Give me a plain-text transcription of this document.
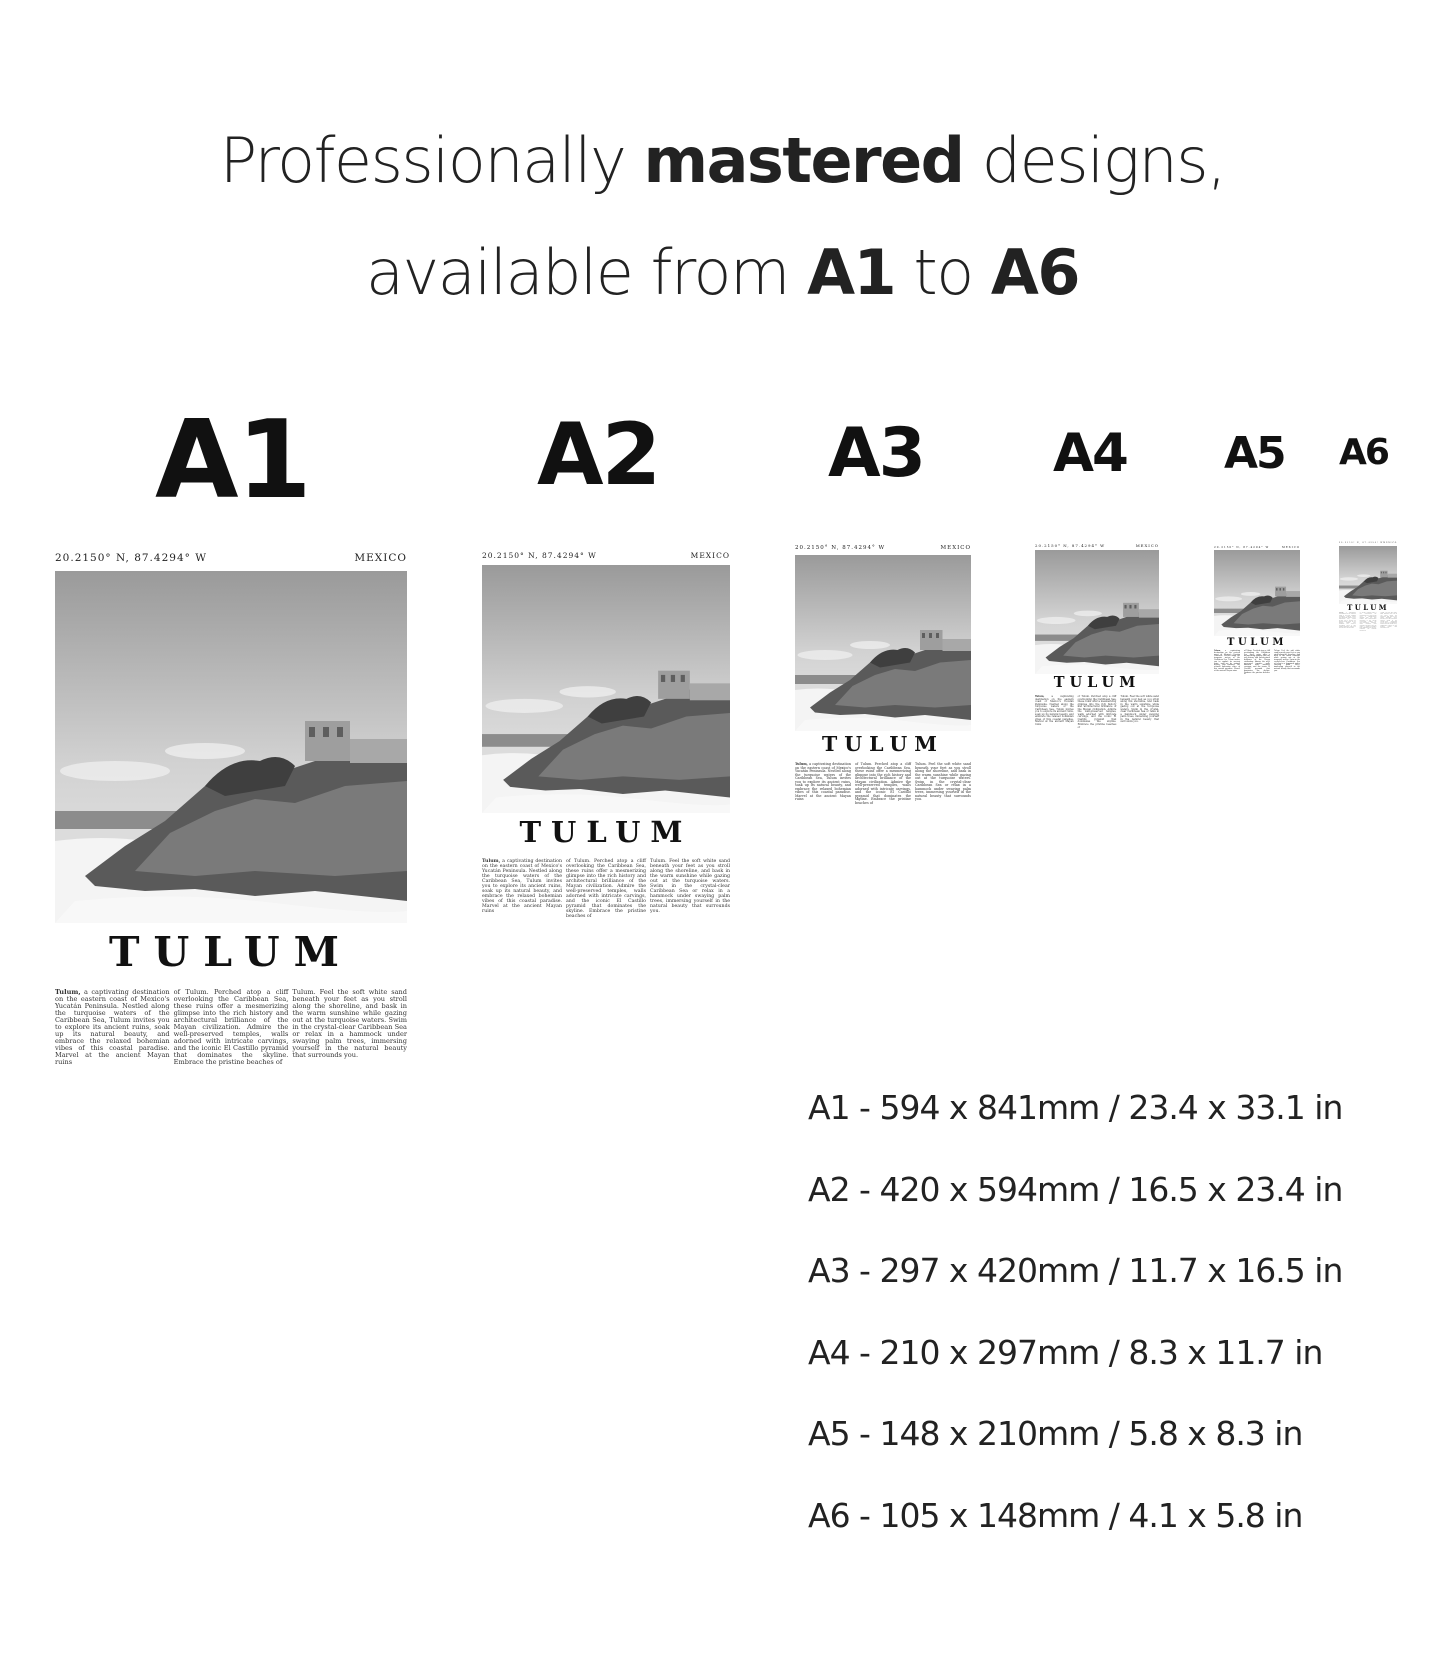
Professionally mastered designs,
available from A1 to A6
A1	A2 A3 A4 A5 A6
20.2150° N, 87.4294° W	MEXICO
TULUM

Tulum, a captivating destination on the eastern coast of Mexico's Yucatán Peninsula. Nestled along the turquoise waters of the Caribbean Sea, Tulum invites you to explore its ancient ruins, soak up its natural beauty, and embrace the relaxed bohemian vibes of this coastal paradise. Marvel at the ancient Mayan ruins

of Tulum. Perched atop a cliff overlooking the Caribbean Sea, these ruins offer a mesmerizing glimpse into the rich history and architectural brilliance of the Mayan civilization. Admire the well-preserved temples, walls adorned with intricate carvings, and the iconic El Castillo pyramid that dominates the skyline. Embrace the pristine beaches of

Tulum. Feel the soft white sand beneath your feet as you stroll along the shoreline, and bask in the warm sunshine while gazing out at the turquoise waters. Swim in the crystal-clear Caribbean Sea or relax in a hammock under swaying palm trees, immersing yourself in the natural beauty that surrounds you.

20.2150° N, 87.4294° W	MEXICO
TULUM

Tulum, a captivating destination on the eastern coast of Mexico's Yucatán Peninsula. Nestled along the turquoise waters of the Caribbean Sea, Tulum invites you to explore its ancient ruins, soak up its natural beauty, and embrace the relaxed bohemian vibes of this coastal paradise. Marvel at the ancient Mayan ruins

of Tulum. Perched atop a cliff overlooking the Caribbean Sea, these ruins offer a mesmerizing glimpse into the rich history and architectural brilliance of the Mayan civilization. Admire the well-preserved temples, walls adorned with intricate carvings, and the iconic El Castillo pyramid that dominates the skyline. Embrace the pristine beaches of

Tulum. Feel the soft white sand beneath your feet as you stroll along the shoreline, and bask in the warm sunshine while gazing out at the turquoise waters. Swim in the crystal-clear Caribbean Sea or relax in a hammock under swaying palm trees, immersing yourself in the natural beauty that surrounds you.

20.2150° N, 87.4294° W	MEXICO
TULUM

Tulum, a captivating destination on the eastern coast of Mexico's Yucatán Peninsula. Nestled along the turquoise waters of the Caribbean Sea, Tulum invites you to explore its ancient ruins, soak up its natural beauty, and embrace the relaxed bohemian vibes of this coastal paradise. Marvel at the ancient Mayan ruins

of Tulum. Perched atop a cliff overlooking the Caribbean Sea, these ruins offer a mesmerizing glimpse into the rich history and architectural brilliance of the Mayan civilization. Admire the well-preserved temples, walls adorned with intricate carvings, and the iconic El Castillo pyramid that dominates the skyline. Embrace the pristine beaches of

Tulum. Feel the soft white sand beneath your feet as you stroll along the shoreline, and bask in the warm sunshine while gazing out at the turquoise waters. Swim in the crystal-clear Caribbean Sea or relax in a hammock under swaying palm trees, immersing yourself in the natural beauty that surrounds you.

20.2150° N, 87.4294° W	MEXICO
TULUM

Tulum, a captivating destination on the eastern coast of Mexico's Yucatán Peninsula. Nestled along the turquoise waters of the Caribbean Sea, Tulum invites you to explore its ancient ruins, soak up its natural beauty, and embrace the relaxed bohemian vibes of this coastal paradise. Marvel at the ancient Mayan ruins

of Tulum. Perched atop a cliff overlooking the Caribbean Sea, these ruins offer a mesmerizing glimpse into the rich history and architectural brilliance of the Mayan civilization. Admire the well-preserved temples, walls adorned with intricate carvings, and the iconic El Castillo pyramid that dominates the skyline. Embrace the pristine beaches of

Tulum. Feel the soft white sand beneath your feet as you stroll along the shoreline, and bask in the warm sunshine while gazing out at the turquoise waters. Swim in the crystal-clear Caribbean Sea or relax in a hammock under swaying palm trees, immersing yourself in the natural beauty that surrounds you.

20.2150° N, 87.4294° W	MEXICO
TULUM

Tulum, a captivating destination on the eastern coast of Mexico's Yucatán Peninsula. Nestled along the turquoise waters of the Caribbean Sea, Tulum invites you to explore its ancient ruins, soak up its natural beauty, and embrace the relaxed bohemian vibes of this coastal paradise. Marvel at the ancient Mayan ruins

of Tulum. Perched atop a cliff overlooking the Caribbean Sea, these ruins offer a mesmerizing glimpse into the rich history and architectural brilliance of the Mayan civilization. Admire the well-preserved temples, walls adorned with intricate carvings, and the iconic El Castillo pyramid that dominates the skyline. Embrace the pristine beaches of

Tulum. Feel the soft white sand beneath your feet as you stroll along the shoreline, and bask in the warm sunshine while gazing out at the turquoise waters. Swim in the crystal-clear Caribbean Sea or relax in a hammock under swaying palm trees, immersing yourself in the natural beauty that surrounds you.

20.2150° N, 87.4294° W MEXICO
TULUM

Tulum, a captivating destination on the eastern coast of Mexico's Yucatán Peninsula. Nestled along the turquoise waters of the Caribbean Sea, Tulum invites you to explore its ancient ruins, soak up its natural beauty, and embrace the relaxed bohemian vibes of this coastal paradise. Marvel at the ancient Mayan ruins

of Tulum. Perched atop a cliff overlooking the Caribbean Sea, these ruins offer a mesmerizing glimpse into the rich history and architectural brilliance of the Mayan civilization. Admire the well-preserved temples, walls adorned with intricate carvings, and the iconic El Castillo pyramid that dominates the skyline. Embrace the pristine beaches of

Tulum. Feel the soft white sand beneath your feet as you stroll along the shoreline, and bask in the warm sunshine while gazing out at the turquoise waters. Swim in the crystal-clear Caribbean Sea or relax in a hammock under swaying palm trees, immersing yourself in the natural beauty that surrounds you.

A1 - 594 x 841mm / 23.4 x 33.1 in
A2 - 420 x 594mm / 16.5 x 23.4 in
A3 - 297 x 420mm / 11.7 x 16.5 in
A4 - 210 x 297mm / 8.3 x 11.7 in
A5 - 148 x 210mm / 5.8 x 8.3 in
A6 - 105 x 148mm / 4.1 x 5.8 in
